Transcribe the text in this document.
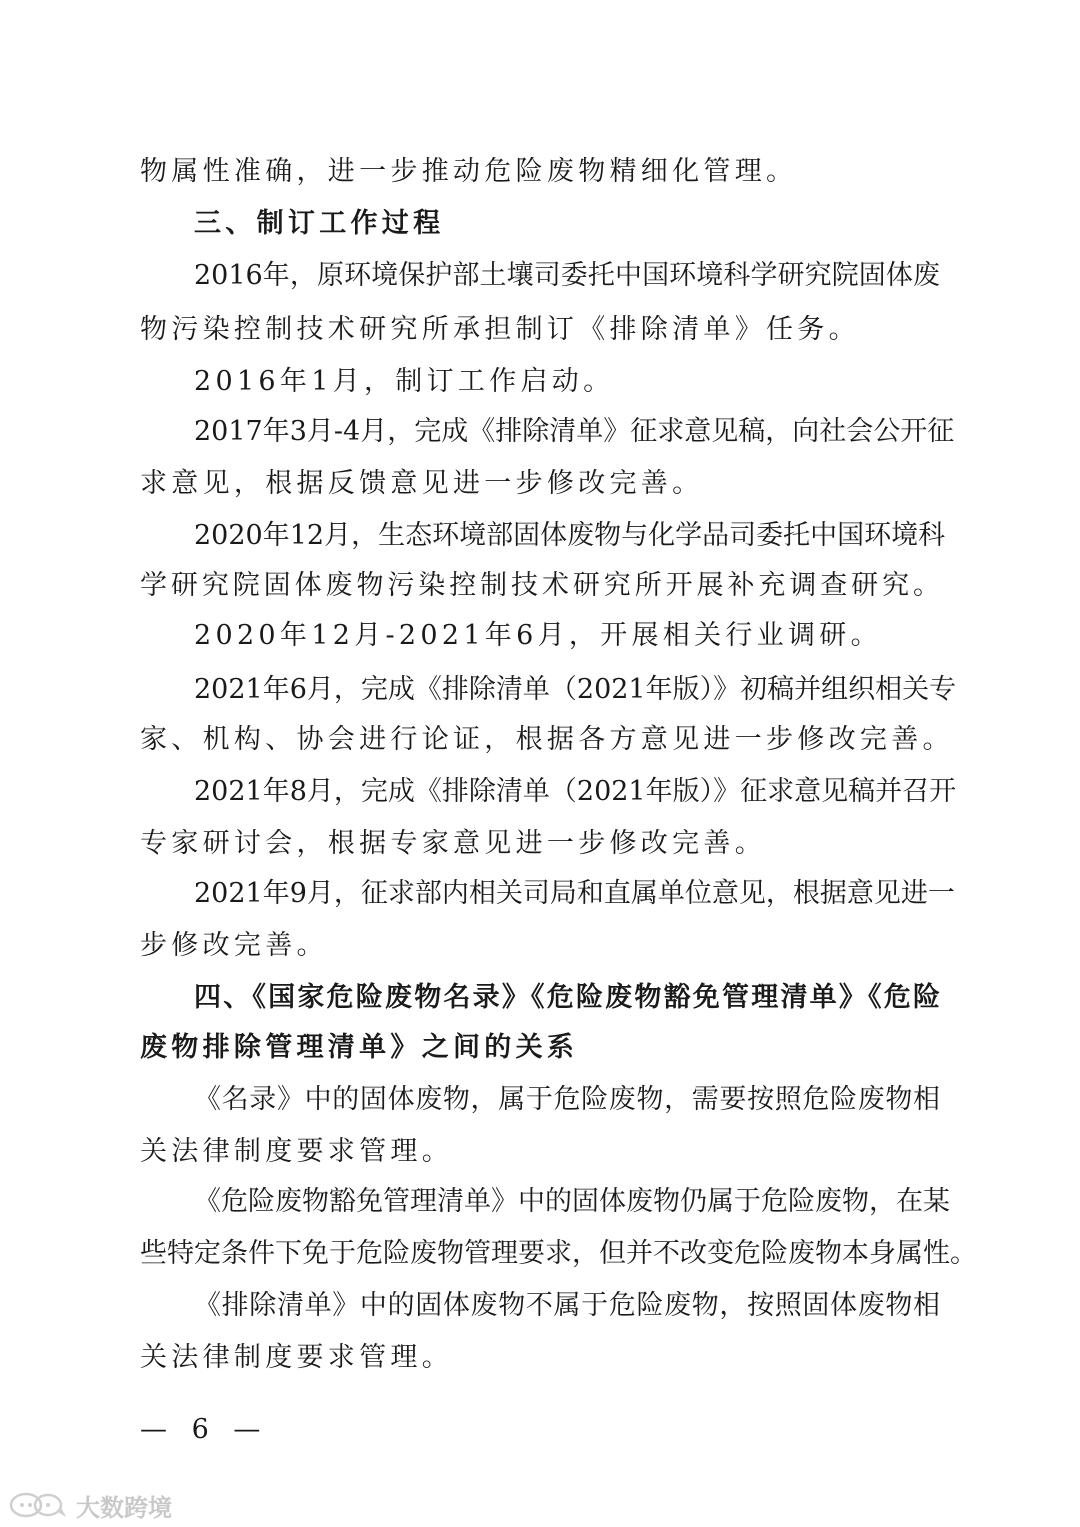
物属性准确，进一步推动危险废物精细化管理。
三、制订工作过程
2016年，原环境保护部土壤司委托中国环境科学研究院固体废
物污染控制技术研究所承担制订《排除清单》任务。
2016年1月，制订工作启动。
2017年3月-4月，完成《排除清单》征求意见稿，向社会公开征
求意见，根据反馈意见进一步修改完善。
2020年12月，生态环境部固体废物与化学品司委托中国环境科
学研究院固体废物污染控制技术研究所开展补充调查研究。
2020年12月-2021年6月，开展相关行业调研。
2021年6月，完成《排除清单（2021年版）》初稿并组织相关专
家、机构、协会进行论证，根据各方意见进一步修改完善。
2021年8月，完成《排除清单（2021年版）》征求意见稿并召开
专家研讨会，根据专家意见进一步修改完善。
2021年9月，征求部内相关司局和直属单位意见，根据意见进一
步修改完善。
四、《国家危险废物名录》《危险废物豁免管理清单》《危险
废物排除管理清单》之间的关系
《名录》中的固体废物，属于危险废物，需要按照危险废物相
关法律制度要求管理。
《危险废物豁免管理清单》中的固体废物仍属于危险废物，在某
些特定条件下免于危险废物管理要求，但并不改变危险废物本身属性。
《排除清单》中的固体废物不属于危险废物，按照固体废物相
关法律制度要求管理。
— 6 —
大数跨境
